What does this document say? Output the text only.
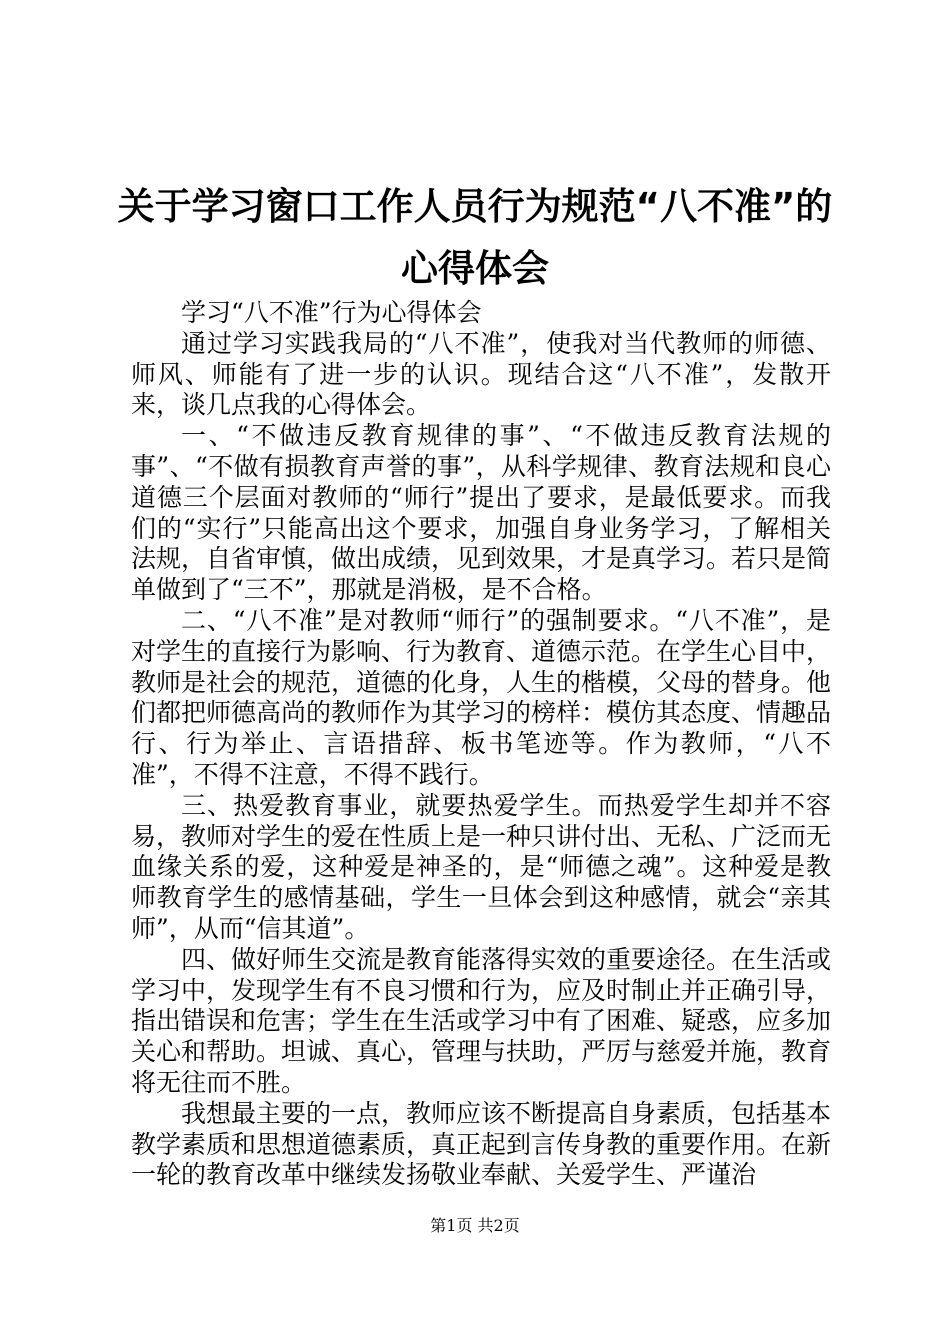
关于学习窗口工作人员行为规范“八不准”的
心得体会

学习“八不准”行为心得体会

通过学习实践我局的“八不准”，使我对当代教师的师德、师风、师能有了进一步的认识。现结合这“八不准”，发散开来，谈几点我的心得体会。

一、“不做违反教育规律的事”、“不做违反教育法规的事”、“不做有损教育声誉的事”，从科学规律、教育法规和良心道德三个层面对教师的“师行”提出了要求，是最低要求。而我们的“实行”只能高出这个要求，加强自身业务学习，了解相关法规，自省审慎，做出成绩，见到效果，才是真学习。若只是简单做到了“三不”，那就是消极，是不合格。

二、“八不准”是对教师“师行”的强制要求。“八不准”，是对学生的直接行为影响、行为教育、道德示范。在学生心目中，教师是社会的规范，道德的化身，人生的楷模，父母的替身。他们都把师德高尚的教师作为其学习的榜样：模仿其态度、情趣品行、行为举止、言语措辞、板书笔迹等。作为教师，“八不准”，不得不注意，不得不践行。

三、热爱教育事业，就要热爱学生。而热爱学生却并不容易，教师对学生的爱在性质上是一种只讲付出、无私、广泛而无血缘关系的爱，这种爱是神圣的，是“师德之魂”。这种爱是教师教育学生的感情基础，学生一旦体会到这种感情，就会“亲其师”，从而“信其道”。

四、做好师生交流是教育能落得实效的重要途径。在生活或学习中，发现学生有不良习惯和行为，应及时制止并正确引导，指出错误和危害；学生在生活或学习中有了困难、疑惑，应多加关心和帮助。坦诚、真心，管理与扶助，严厉与慈爱并施，教育将无往而不胜。

我想最主要的一点，教师应该不断提高自身素质，包括基本教学素质和思想道德素质，真正起到言传身教的重要作用。在新一轮的教育改革中继续发扬敬业奉献、关爱学生、严谨治

第1页 共2页
